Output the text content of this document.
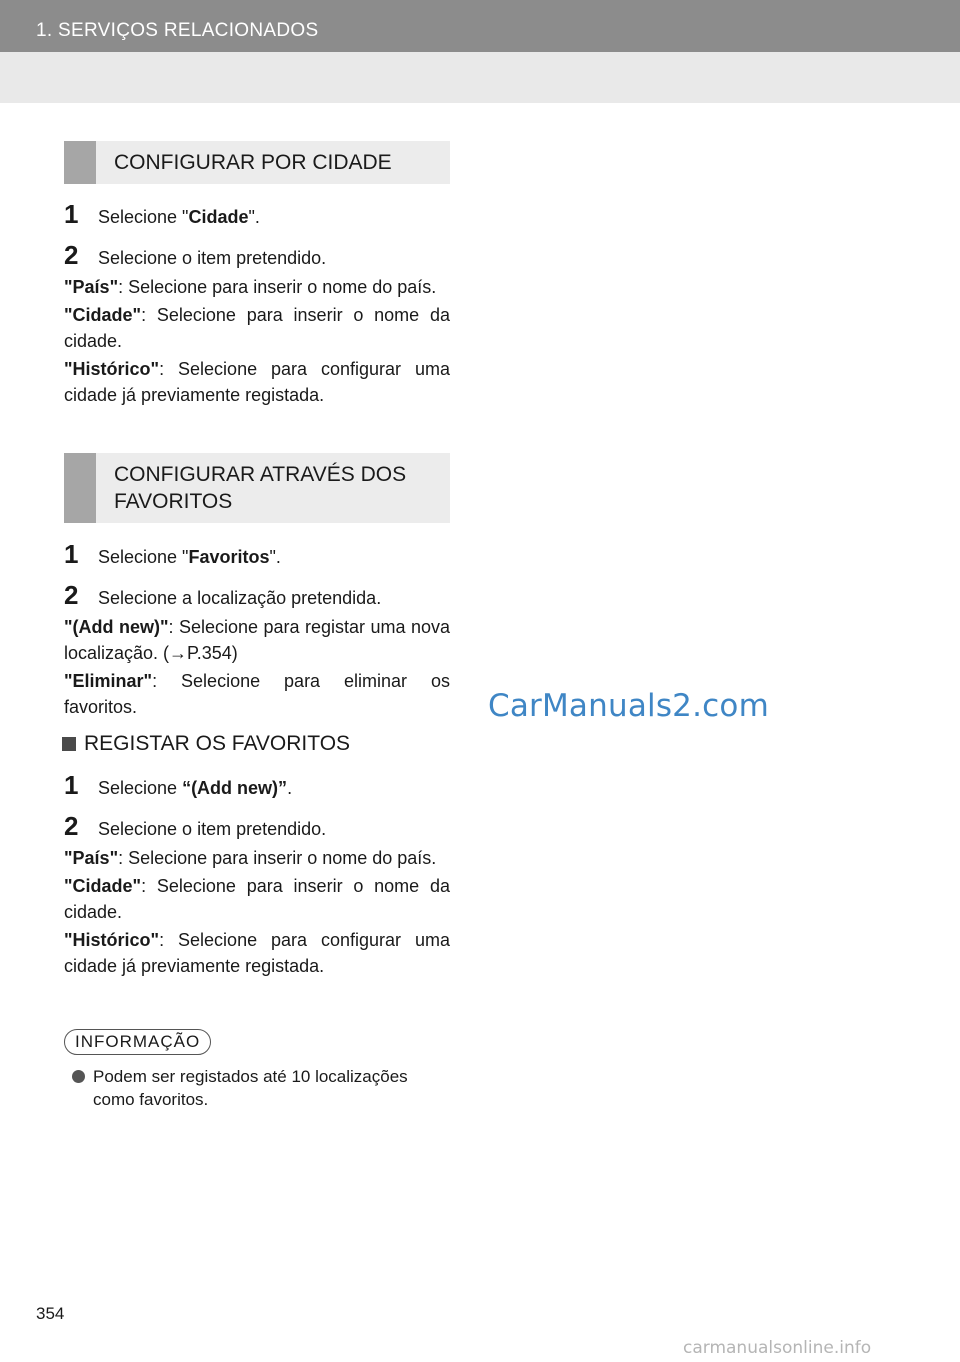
1. SERVIÇOS RELACIONADOS
CONFIGURAR POR CIDADE
1	Selecione "Cidade".
2	Selecione o item pretendido.
"País": Selecione para inserir o nome do país.
"Cidade": Selecione para inserir o nome da cidade.
"Histórico": Selecione para configurar uma cidade já previamente registada.
CONFIGURAR ATRAVÉS DOS
FAVORITOS
1	Selecione "Favoritos".
2	Selecione a localização pretendida.
"(Add new)": Selecione para registar uma nova localização. (→P.354)
"Eliminar": Selecione para eliminar os favoritos.
REGISTAR OS FAVORITOS
1	Selecione “(Add new)”.
2	Selecione o item pretendido.
"País": Selecione para inserir o nome do país.
"Cidade": Selecione para inserir o nome da cidade.
"Histórico": Selecione para configurar uma cidade já previamente registada.
INFORMAÇÃO
Podem ser registados até 10 localizações como favoritos.
CarManuals2.com
354
carmanualsonline.info
